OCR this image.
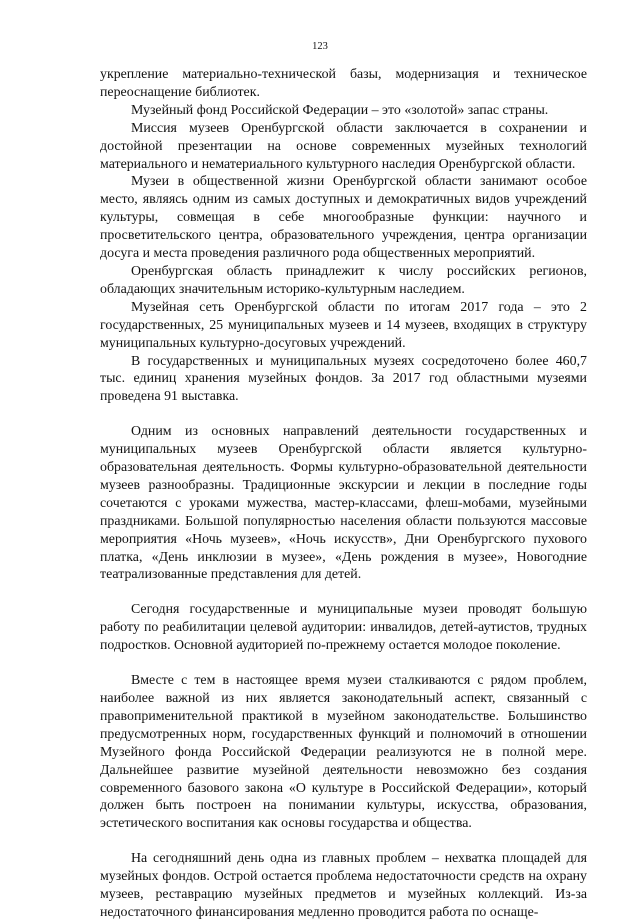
123

укрепление материально-технической базы, модернизация и техническое переоснащение библиотек.

Музейный фонд Российской Федерации – это «золотой» запас страны.

Миссия музеев Оренбургской области заключается в сохранении и достойной презентации на основе современных музейных технологий материального и нематериального культурного наследия Оренбургской области.

Музеи в общественной жизни Оренбургской области занимают особое место, являясь одним из самых доступных и демократичных видов учреждений культуры, совмещая в себе многообразные функции: научного и просветительского центра, образовательного учреждения, центра организации досуга и места проведения различного рода общественных мероприятий.

Оренбургская область принадлежит к числу российских регионов, обладающих значительным историко-культурным наследием.

Музейная сеть Оренбургской области по итогам 2017 года – это 2 государственных, 25 муниципальных музеев и 14 музеев, входящих в структуру муниципальных культурно-досуговых учреждений.

В государственных и муниципальных музеях сосредоточено более 460,7 тыс. единиц хранения музейных фондов. За 2017 год областными музеями проведена 91 выставка.

Одним из основных направлений деятельности государственных и муниципальных музеев Оренбургской области является культурно-образовательная деятельность. Формы культурно-образовательной деятельности музеев разнообразны. Традиционные экскурсии и лекции в последние годы сочетаются с уроками мужества, мастер-классами, флеш-мобами, музейными праздниками. Большой популярностью населения области пользуются массовые мероприятия «Ночь музеев», «Ночь искусств», Дни Оренбургского пухового платка, «День инклюзии в музее», «День рождения в музее», Новогодние театрализованные представления для детей.

Сегодня государственные и муниципальные музеи проводят большую работу по реабилитации целевой аудитории: инвалидов, детей-аутистов, трудных подростков. Основной аудиторией по-прежнему остается молодое поколение.

Вместе с тем в настоящее время музеи сталкиваются с рядом проблем, наиболее важной из них является законодательный аспект, связанный с правоприменительной практикой в музейном законодательстве. Большинство предусмотренных норм, государственных функций и полномочий в отношении Музейного фонда Российской Федерации реализуются не в полной мере. Дальнейшее развитие музейной деятельности невозможно без создания современного базового закона «О культуре в Российской Федерации», который должен быть построен на понимании культуры, искусства, образования, эстетического воспитания как основы государства и общества.

На сегодняшний день одна из главных проблем – нехватка площадей для музейных фондов. Острой остается проблема недостаточности средств на охрану музеев, реставрацию музейных предметов и музейных коллекций. Из-за недостаточного финансирования медленно проводится работа по оснаще-
